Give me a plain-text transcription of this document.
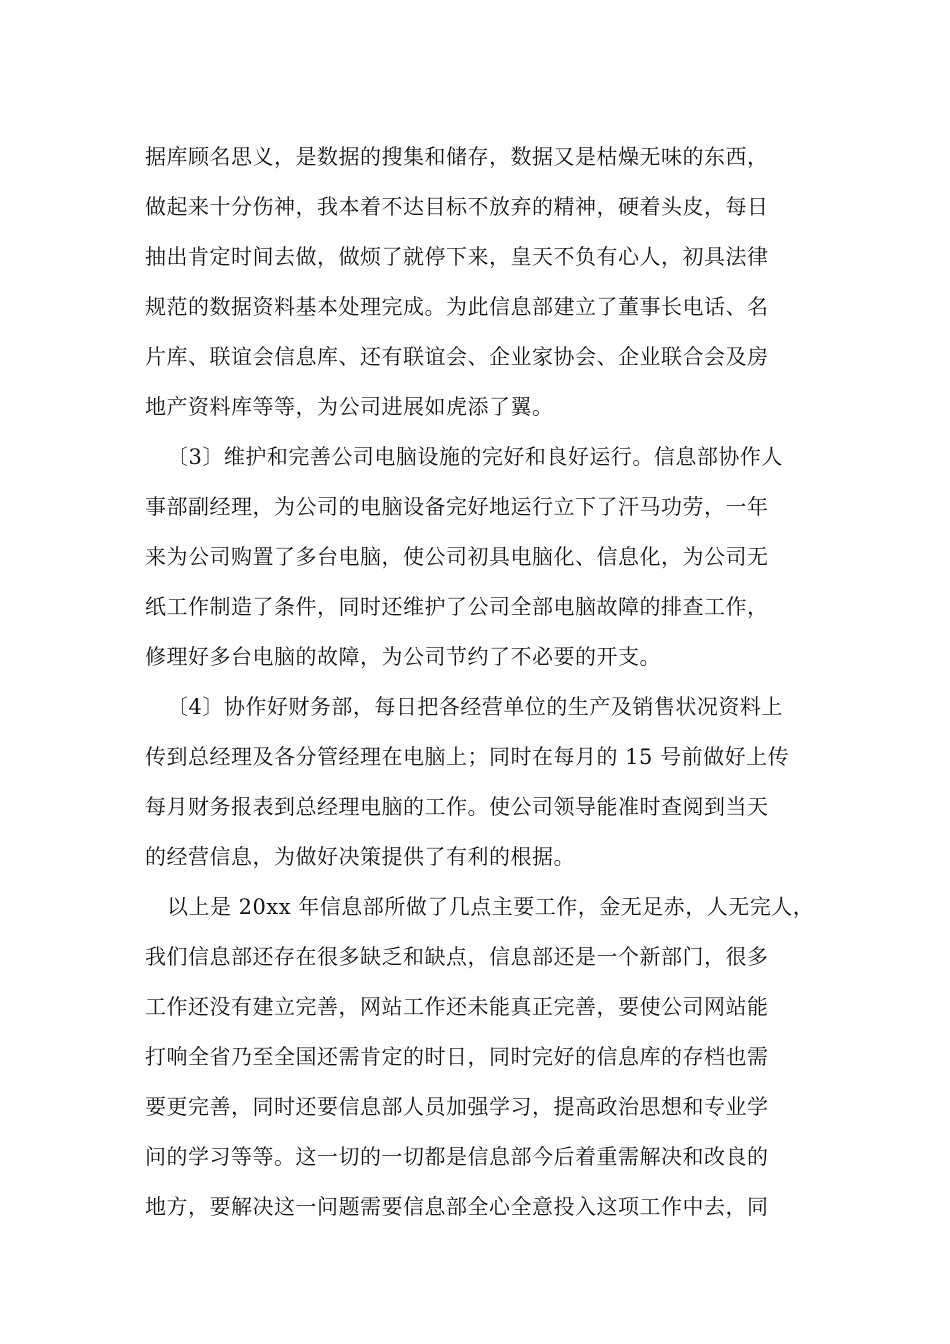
据库顾名思义，是数据的搜集和储存，数据又是枯燥无味的东西，
做起来十分伤神，我本着不达目标不放弃的精神，硬着头皮，每日
抽出肯定时间去做，做烦了就停下来，皇天不负有心人，初具法律
规范的数据资料基本处理完成。为此信息部建立了董事长电话、名
片库、联谊会信息库、还有联谊会、企业家协会、企业联合会及房
地产资料库等等，为公司进展如虎添了翼。
〔3〕维护和完善公司电脑设施的完好和良好运行。信息部协作人
事部副经理，为公司的电脑设备完好地运行立下了汗马功劳，一年
来为公司购置了多台电脑，使公司初具电脑化、信息化，为公司无
纸工作制造了条件，同时还维护了公司全部电脑故障的排查工作，
修理好多台电脑的故障，为公司节约了不必要的开支。
〔4〕协作好财务部，每日把各经营单位的生产及销售状况资料上
传到总经理及各分管经理在电脑上；同时在每月的 15 号前做好上传
每月财务报表到总经理电脑的工作。使公司领导能准时查阅到当天
的经营信息，为做好决策提供了有利的根据。
以上是 20xx 年信息部所做了几点主要工作，金无足赤，人无完人，
我们信息部还存在很多缺乏和缺点，信息部还是一个新部门，很多
工作还没有建立完善，网站工作还未能真正完善，要使公司网站能
打响全省乃至全国还需肯定的时日，同时完好的信息库的存档也需
要更完善，同时还要信息部人员加强学习，提高政治思想和专业学
问的学习等等。这一切的一切都是信息部今后着重需解决和改良的
地方，要解决这一问题需要信息部全心全意投入这项工作中去，同
